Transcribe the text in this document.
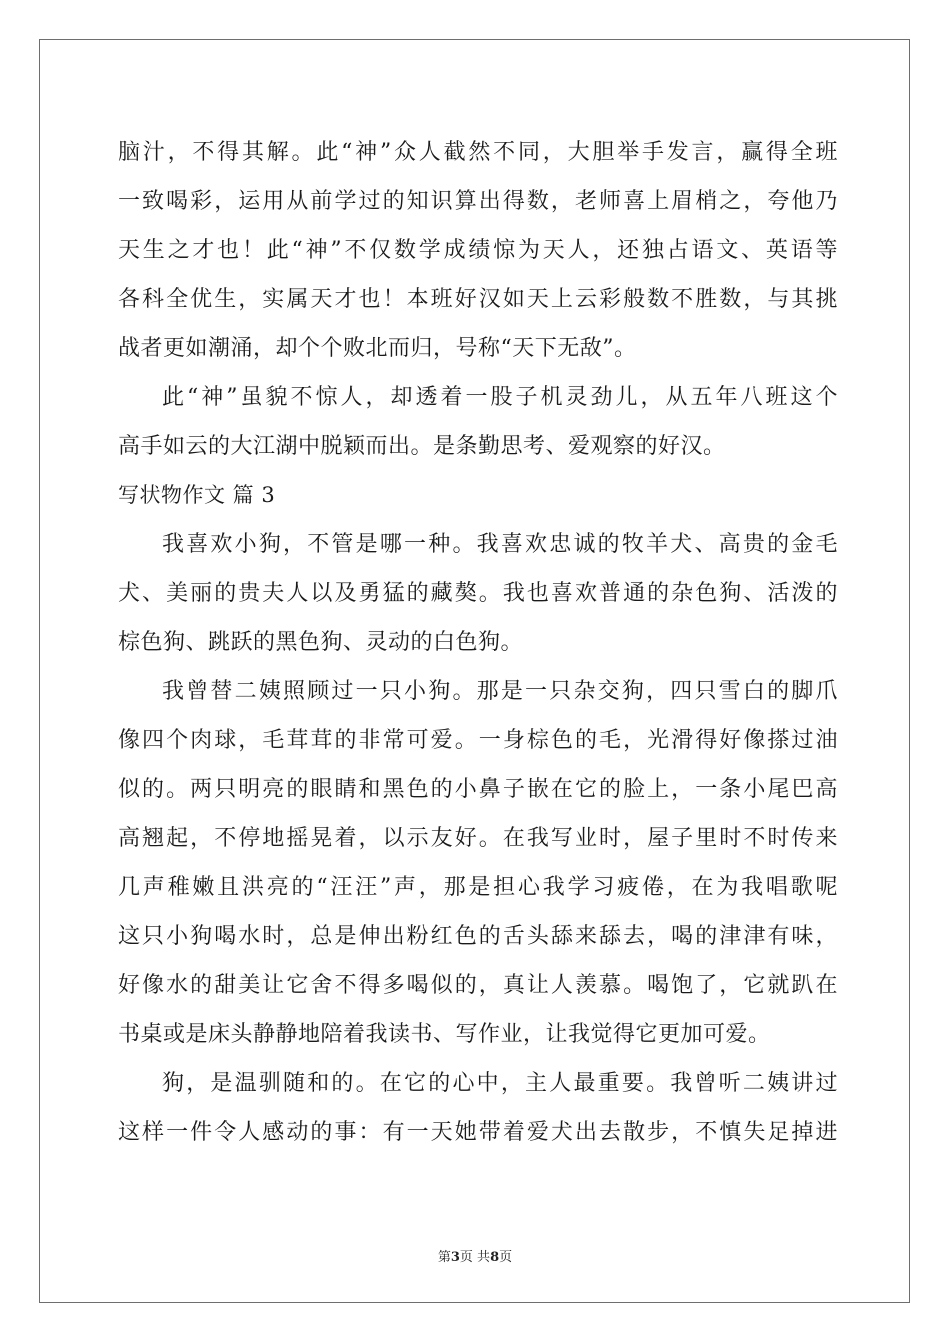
脑汁，不得其解。此“神”众人截然不同，大胆举手发言，赢得全班
一致喝彩，运用从前学过的知识算出得数，老师喜上眉梢之，夸他乃
天生之才也！此“神”不仅数学成绩惊为天人，还独占语文、英语等
各科全优生，实属天才也！本班好汉如天上云彩般数不胜数，与其挑
战者更如潮涌，却个个败北而归，号称“天下无敌”。
此“神”虽貌不惊人，却透着一股子机灵劲儿，从五年八班这个
高手如云的大江湖中脱颖而出。是条勤思考、爱观察的好汉。
写状物作文 篇 3
我喜欢小狗，不管是哪一种。我喜欢忠诚的牧羊犬、高贵的金毛
犬、美丽的贵夫人以及勇猛的藏獒。我也喜欢普通的杂色狗、活泼的
棕色狗、跳跃的黑色狗、灵动的白色狗。
我曾替二姨照顾过一只小狗。那是一只杂交狗，四只雪白的脚爪
像四个肉球，毛茸茸的非常可爱。一身棕色的毛，光滑得好像搽过油
似的。两只明亮的眼睛和黑色的小鼻子嵌在它的脸上，一条小尾巴高
高翘起，不停地摇晃着，以示友好。在我写业时，屋子里时不时传来
几声稚嫩且洪亮的“汪汪”声，那是担心我学习疲倦，在为我唱歌呢
这只小狗喝水时，总是伸出粉红色的舌头舔来舔去，喝的津津有味，
好像水的甜美让它舍不得多喝似的，真让人羡慕。喝饱了，它就趴在
书桌或是床头静静地陪着我读书、写作业，让我觉得它更加可爱。
狗，是温驯随和的。在它的心中，主人最重要。我曾听二姨讲过
这样一件令人感动的事：有一天她带着爱犬出去散步，不慎失足掉进
第3页 共8页
